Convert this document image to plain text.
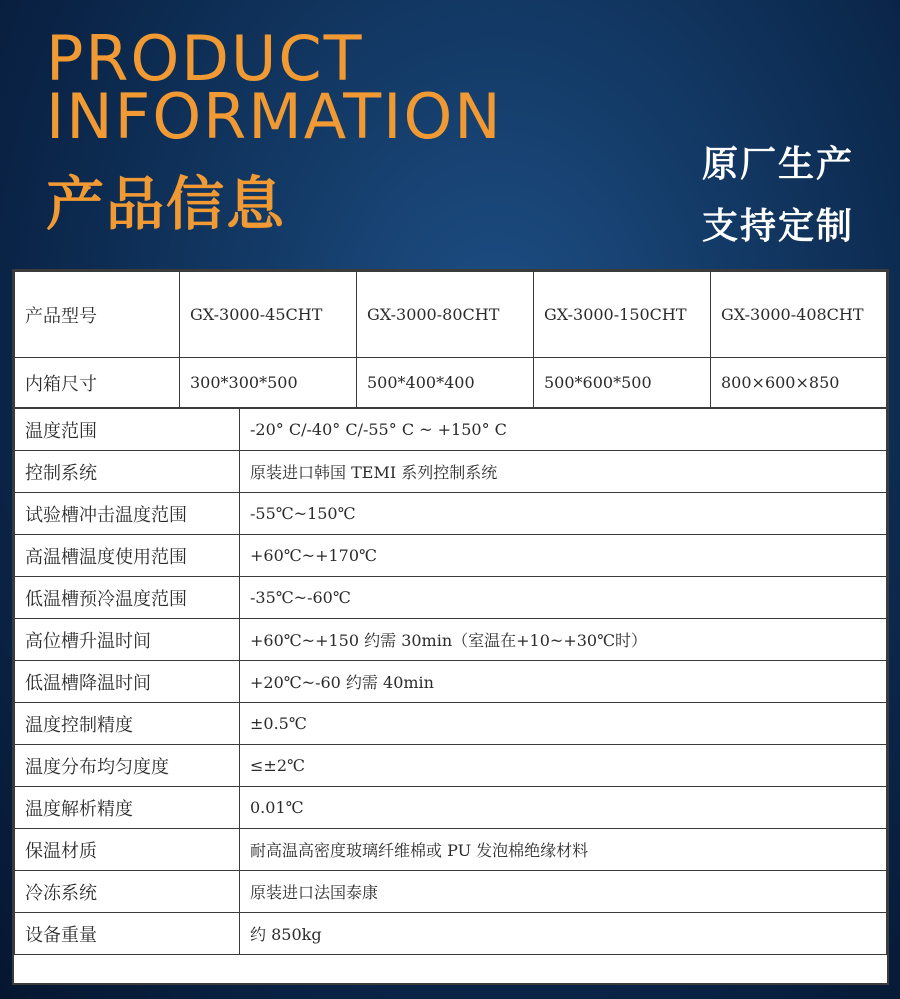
PRODUCT
INFORMATION
产品信息
原厂生产
支持定制
产品型号	GX-3000-45CHT	GX-3000-80CHT	GX-3000-150CHT	GX-3000-408CHT
内箱尺寸	300*300*500	500*400*400	500*600*500	800×600×850
温度范围	-20° C/-40° C/-55° C ~ +150° C
控制系统	原装进口韩国 TEMI 系列控制系统
试验槽冲击温度范围	-55℃~150℃
高温槽温度使用范围	+60℃~+170℃
低温槽预冷温度范围	-35℃~-60℃
高位槽升温时间	+60℃~+150 约需 30min（室温在+10~+30℃时）
低温槽降温时间	+20℃~-60 约需 40min
温度控制精度	±0.5℃
温度分布均匀度度	≤±2℃
温度解析精度	0.01℃
保温材质	耐高温高密度玻璃纤维棉或 PU 发泡棉绝缘材料
冷冻系统	原装进口法国泰康
设备重量	约 850kg
